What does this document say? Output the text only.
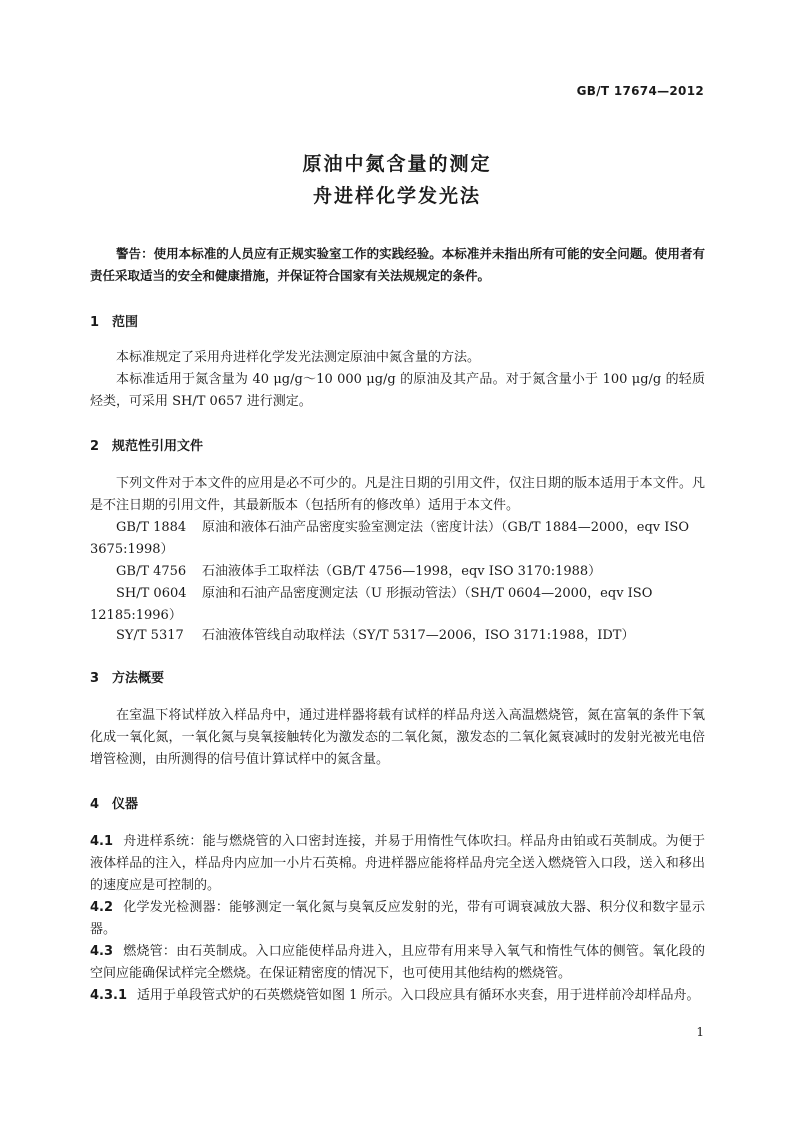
GB/T 17674—2012
原油中氮含量的测定
舟进样化学发光法
警告：使用本标准的人员应有正规实验室工作的实践经验。本标准并未指出所有可能的安全问题。使用者有责任采取适当的安全和健康措施，并保证符合国家有关法规规定的条件。
1 范围
本标准规定了采用舟进样化学发光法测定原油中氮含量的方法。
本标准适用于氮含量为 40 μg/g～10 000 μg/g 的原油及其产品。对于氮含量小于 100 μg/g 的轻质烃类，可采用 SH/T 0657 进行测定。
2 规范性引用文件
下列文件对于本文件的应用是必不可少的。凡是注日期的引用文件，仅注日期的版本适用于本文件。凡是不注日期的引用文件，其最新版本（包括所有的修改单）适用于本文件。
GB/T 1884 原油和液体石油产品密度实验室测定法（密度计法）（GB/T 1884—2000，eqv ISO 3675:1998）
GB/T 4756 石油液体手工取样法（GB/T 4756—1998，eqv ISO 3170:1988）
SH/T 0604 原油和石油产品密度测定法（U 形振动管法）（SH/T 0604—2000，eqv ISO 12185:1996）
SY/T 5317 石油液体管线自动取样法（SY/T 5317—2006，ISO 3171:1988，IDT）
3 方法概要
在室温下将试样放入样品舟中，通过进样器将载有试样的样品舟送入高温燃烧管，氮在富氧的条件下氧化成一氧化氮，一氧化氮与臭氧接触转化为激发态的二氧化氮，激发态的二氧化氮衰减时的发射光被光电倍增管检测，由所测得的信号值计算试样中的氮含量。
4 仪器
4.1 舟进样系统：能与燃烧管的入口密封连接，并易于用惰性气体吹扫。样品舟由铂或石英制成。为便于液体样品的注入，样品舟内应加一小片石英棉。舟进样器应能将样品舟完全送入燃烧管入口段，送入和移出的速度应是可控制的。
4.2 化学发光检测器：能够测定一氧化氮与臭氧反应发射的光，带有可调衰减放大器、积分仪和数字显示器。
4.3 燃烧管：由石英制成。入口应能使样品舟进入，且应带有用来导入氧气和惰性气体的侧管。氧化段的空间应能确保试样完全燃烧。在保证精密度的情况下，也可使用其他结构的燃烧管。
4.3.1 适用于单段管式炉的石英燃烧管如图 1 所示。入口段应具有循环水夹套，用于进样前冷却样品舟。
1
